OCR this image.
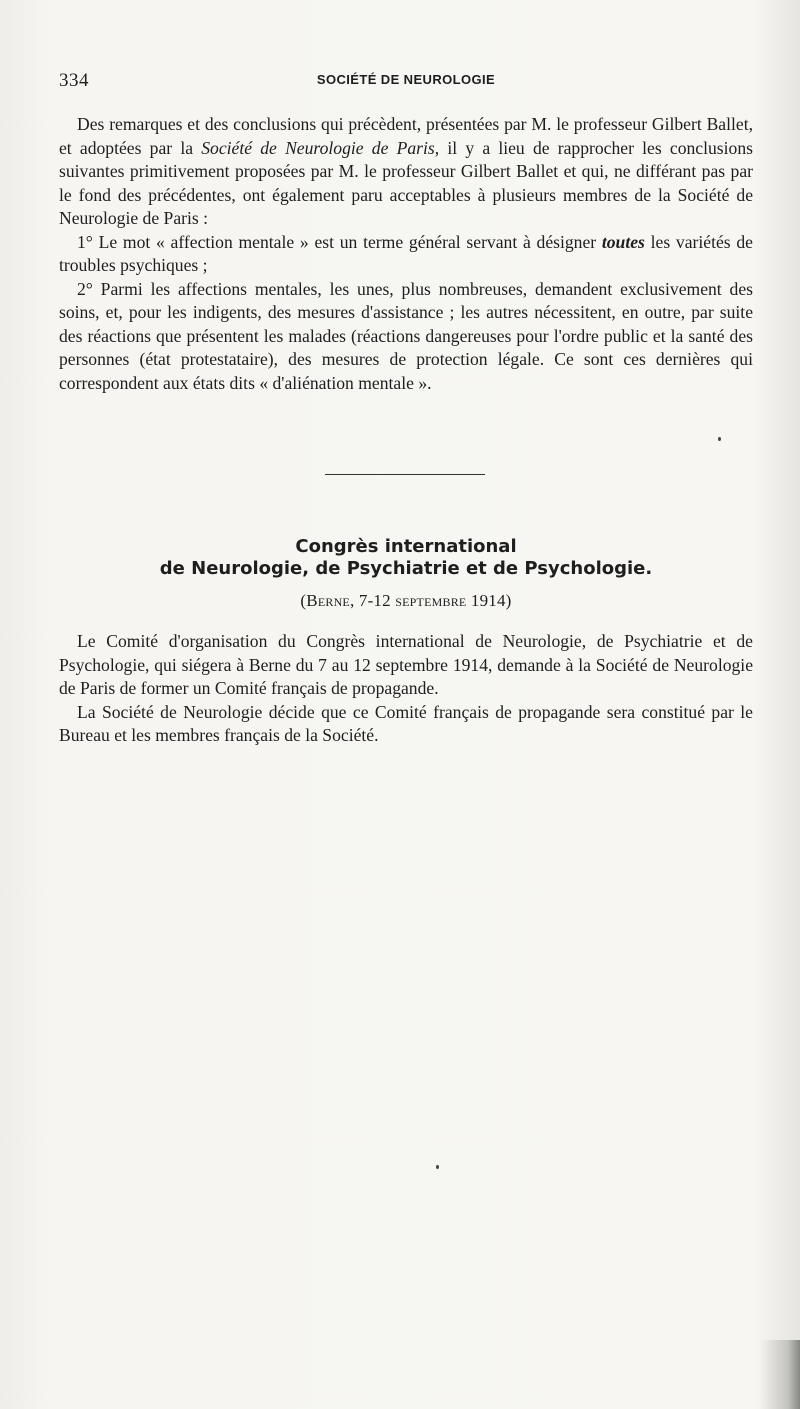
334	SOCIÉTÉ DE NEUROLOGIE

Des remarques et des conclusions qui précèdent, présentées par M. le professeur Gilbert Ballet, et adoptées par la Société de Neurologie de Paris, il y a lieu de rapprocher les conclusions suivantes primitivement proposées par M. le professeur Gilbert Ballet et qui, ne différant pas par le fond des précédentes, ont également paru acceptables à plusieurs membres de la Société de Neurologie de Paris :

1° Le mot « affection mentale » est un terme général servant à désigner toutes les variétés de troubles psychiques ;

2° Parmi les affections mentales, les unes, plus nombreuses, demandent exclusivement des soins, et, pour les indigents, des mesures d'assistance ; les autres nécessitent, en outre, par suite des réactions que présentent les malades (réactions dangereuses pour l'ordre public et la santé des personnes (état protestataire), des mesures de protection légale. Ce sont ces dernières qui correspondent aux états dits « d'aliénation mentale ».

Congrès international
de Neurologie, de Psychiatrie et de Psychologie.
(Berne, 7-12 septembre 1914)

Le Comité d'organisation du Congrès international de Neurologie, de Psychiatrie et de Psychologie, qui siégera à Berne du 7 au 12 septembre 1914, demande à la Société de Neurologie de Paris de former un Comité français de propagande.

La Société de Neurologie décide que ce Comité français de propagande sera constitué par le Bureau et les membres français de la Société.
